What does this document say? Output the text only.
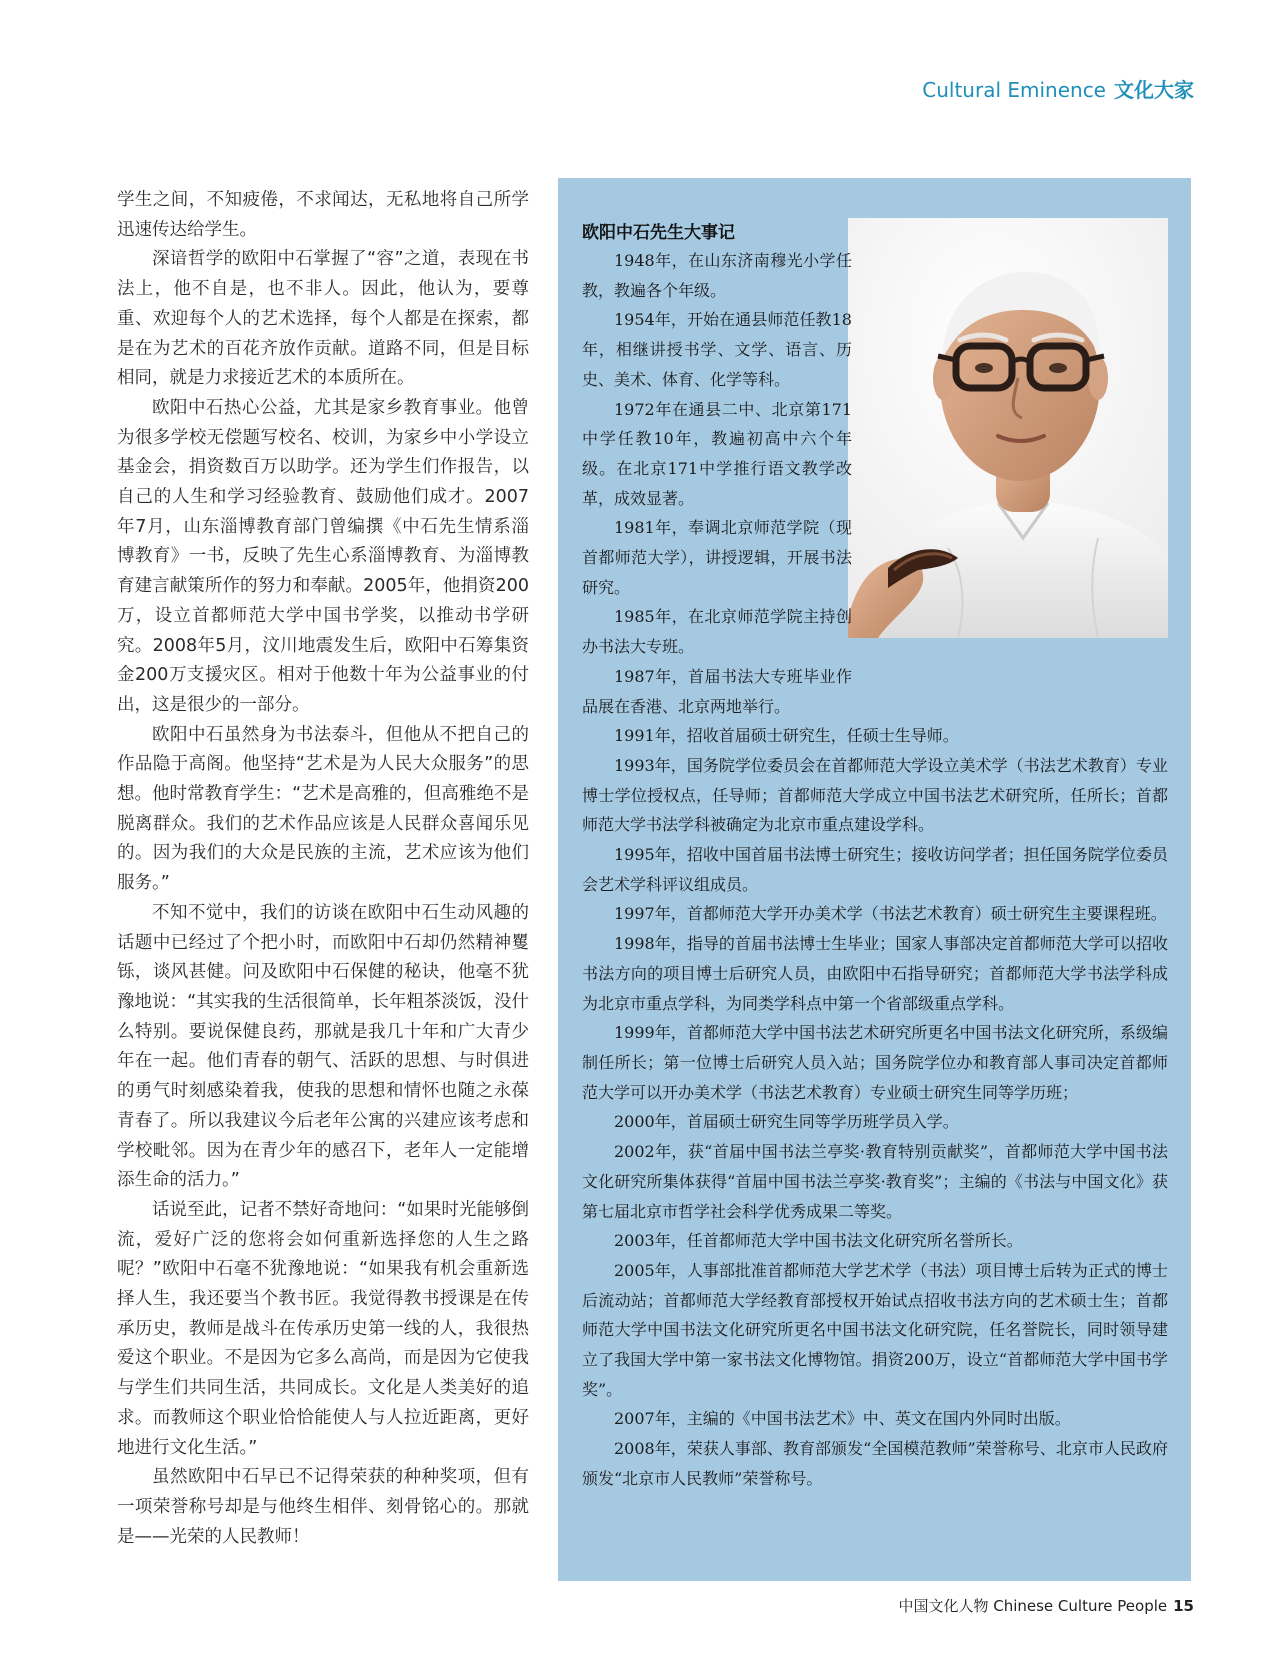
Cultural Eminence 文化大家

学生之间，不知疲倦，不求闻达，无私地将自己所学迅速传达给学生。

深谙哲学的欧阳中石掌握了“容”之道，表现在书法上，他不自是，也不非人。因此，他认为，要尊重、欢迎每个人的艺术选择，每个人都是在探索，都是在为艺术的百花齐放作贡献。道路不同，但是目标相同，就是力求接近艺术的本质所在。

欧阳中石热心公益，尤其是家乡教育事业。他曾为很多学校无偿题写校名、校训，为家乡中小学设立基金会，捐资数百万以助学。还为学生们作报告，以自己的人生和学习经验教育、鼓励他们成才。2007年7月，山东淄博教育部门曾编撰《中石先生情系淄博教育》一书，反映了先生心系淄博教育、为淄博教育建言献策所作的努力和奉献。2005年，他捐资200万，设立首都师范大学中国书学奖，以推动书学研究。2008年5月，汶川地震发生后，欧阳中石筹集资金200万支援灾区。相对于他数十年为公益事业的付出，这是很少的一部分。

欧阳中石虽然身为书法泰斗，但他从不把自己的作品隐于高阁。他坚持“艺术是为人民大众服务”的思想。他时常教育学生：“艺术是高雅的，但高雅绝不是脱离群众。我们的艺术作品应该是人民群众喜闻乐见的。因为我们的大众是民族的主流，艺术应该为他们服务。”

不知不觉中，我们的访谈在欧阳中石生动风趣的话题中已经过了个把小时，而欧阳中石却仍然精神矍铄，谈风甚健。问及欧阳中石保健的秘诀，他毫不犹豫地说：“其实我的生活很简单，长年粗茶淡饭，没什么特别。要说保健良药，那就是我几十年和广大青少年在一起。他们青春的朝气、活跃的思想、与时俱进的勇气时刻感染着我，使我的思想和情怀也随之永葆青春了。所以我建议今后老年公寓的兴建应该考虑和学校毗邻。因为在青少年的感召下，老年人一定能增添生命的活力。”

话说至此，记者不禁好奇地问：“如果时光能够倒流，爱好广泛的您将会如何重新选择您的人生之路呢？”欧阳中石毫不犹豫地说：“如果我有机会重新选择人生，我还要当个教书匠。我觉得教书授课是在传承历史，教师是战斗在传承历史第一线的人，我很热爱这个职业。不是因为它多么高尚，而是因为它使我与学生们共同生活，共同成长。文化是人类美好的追求。而教师这个职业恰恰能使人与人拉近距离，更好地进行文化生活。”

虽然欧阳中石早已不记得荣获的种种奖项，但有一项荣誉称号却是与他终生相伴、刻骨铭心的。那就是——光荣的人民教师！

欧阳中石先生大事记

1948年，在山东济南穆光小学任教，教遍各个年级。

1954年，开始在通县师范任教18年，相继讲授书学、文学、语言、历史、美术、体育、化学等科。

1972年在通县二中、北京第171中学任教10年，教遍初高中六个年级。在北京171中学推行语文教学改革，成效显著。

1981年，奉调北京师范学院（现首都师范大学），讲授逻辑，开展书法研究。

1985年，在北京师范学院主持创办书法大专班。

1987年，首届书法大专班毕业作品展在香港、北京两地举行。

1991年，招收首届硕士研究生，任硕士生导师。

1993年，国务院学位委员会在首都师范大学设立美术学（书法艺术教育）专业博士学位授权点，任导师；首都师范大学成立中国书法艺术研究所，任所长；首都师范大学书法学科被确定为北京市重点建设学科。

1995年，招收中国首届书法博士研究生；接收访问学者；担任国务院学位委员会艺术学科评议组成员。

1997年，首都师范大学开办美术学（书法艺术教育）硕士研究生主要课程班。

1998年，指导的首届书法博士生毕业；国家人事部决定首都师范大学可以招收书法方向的项目博士后研究人员，由欧阳中石指导研究；首都师范大学书法学科成为北京市重点学科，为同类学科点中第一个省部级重点学科。

1999年，首都师范大学中国书法艺术研究所更名中国书法文化研究所，系级编制任所长；第一位博士后研究人员入站；国务院学位办和教育部人事司决定首都师范大学可以开办美术学（书法艺术教育）专业硕士研究生同等学历班；

2000年，首届硕士研究生同等学历班学员入学。

2002年，获“首届中国书法兰亭奖·教育特别贡献奖”，首都师范大学中国书法文化研究所集体获得“首届中国书法兰亭奖·教育奖”；主编的《书法与中国文化》获第七届北京市哲学社会科学优秀成果二等奖。

2003年，任首都师范大学中国书法文化研究所名誉所长。

2005年，人事部批准首都师范大学艺术学（书法）项目博士后转为正式的博士后流动站；首都师范大学经教育部授权开始试点招收书法方向的艺术硕士生；首都师范大学中国书法文化研究所更名中国书法文化研究院，任名誉院长，同时领导建立了我国大学中第一家书法文化博物馆。捐资200万，设立“首都师范大学中国书学奖”。

2007年，主编的《中国书法艺术》中、英文在国内外同时出版。

2008年，荣获人事部、教育部颁发“全国模范教师”荣誉称号、北京市人民政府颁发“北京市人民教师”荣誉称号。

中国文化人物 Chinese Culture People 15
